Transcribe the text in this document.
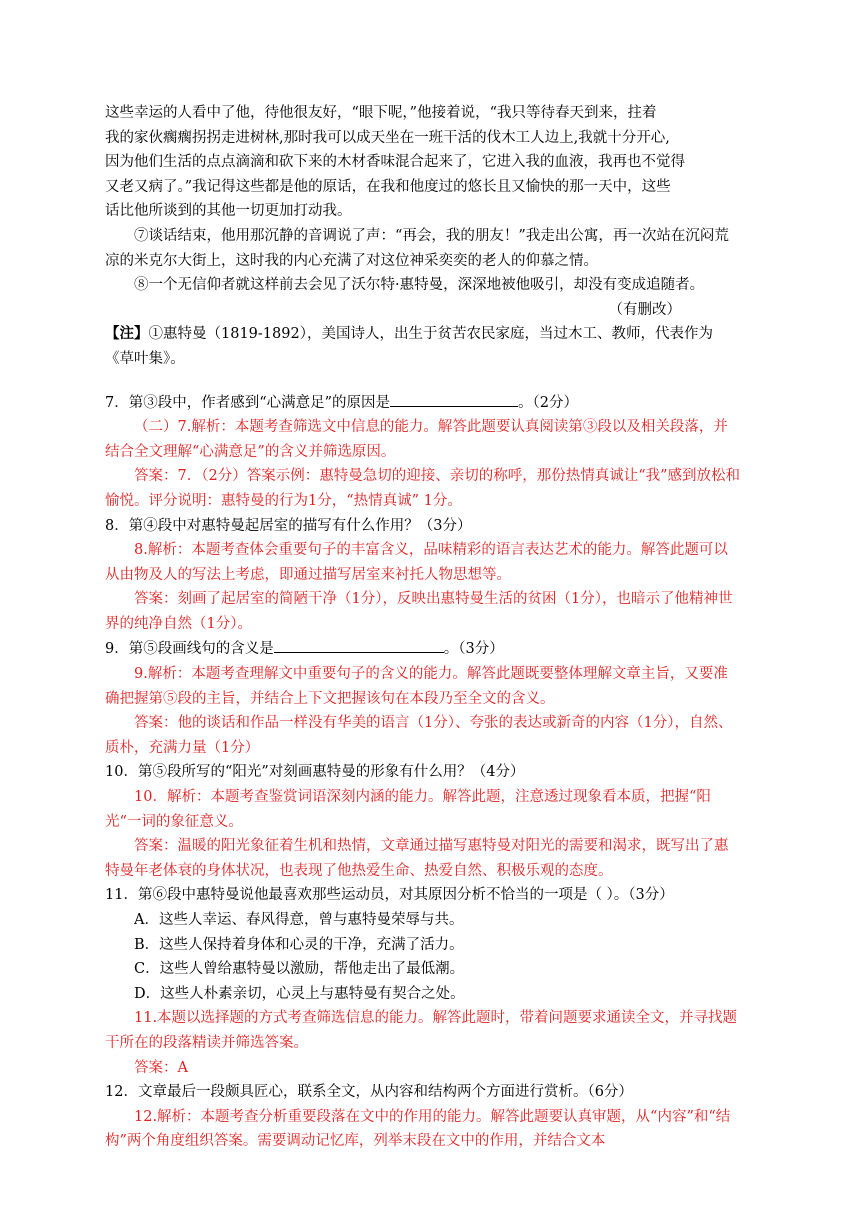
这些幸运的人看中了他，待他很友好，“眼下呢，”他接着说，“我只等待春天到来，拄着
我的家伙瘸瘸拐拐走进树林,那时我可以成天坐在一班干活的伐木工人边上,我就十分开心,
因为他们生活的点点滴滴和砍下来的木材香味混合起来了，它进入我的血液，我再也不觉得
又老又病了。”我记得这些都是他的原话，在我和他度过的悠长且又愉快的那一天中，这些
话比他所谈到的其他一切更加打动我。

⑦谈话结束，他用那沉静的音调说了声：“再会，我的朋友！”我走出公寓，再一次站在沉闷荒凉的米克尔大街上，这时我的内心充满了对这位神采奕奕的老人的仰慕之情。

⑧一个无信仰者就这样前去会见了沃尔特·惠特曼，深深地被他吸引，却没有变成追随者。

（有删改）

【注】①惠特曼（1819-1892），美国诗人，出生于贫苦农民家庭，当过木工、教师，代表作为《草叶集》。

7．第③段中，作者感到“心满意足”的原因是	。（2分）

（二）7.解析：本题考查筛选文中信息的能力。解答此题要认真阅读第③段以及相关段落，并结合全文理解“心满意足”的含义并筛选原因。

答案：7．（2分）答案示例：惠特曼急切的迎接、亲切的称呼，那份热情真诚让“我”感到放松和愉悦。评分说明：惠特曼的行为1分，“热情真诚” 1分。

8．第④段中对惠特曼起居室的描写有什么作用？（3分）

8.解析：本题考查体会重要句子的丰富含义，品味精彩的语言表达艺术的能力。解答此题可以从由物及人的写法上考虑，即通过描写居室来衬托人物思想等。

答案：刻画了起居室的简陋干净（1分），反映出惠特曼生活的贫困（1分），也暗示了他精神世界的纯净自然（1分）。

9．第⑤段画线句的含义是	。（3分）

9.解析：本题考查理解文中重要句子的含义的能力。解答此题既要整体理解文章主旨，又要准确把握第⑤段的主旨，并结合上下文把握该句在本段乃至全文的含义。

答案：他的谈话和作品一样没有华美的语言（1分）、夸张的表达或新奇的内容（1分），自然、质朴，充满力量（1分）

10．第⑤段所写的“阳光”对刻画惠特曼的形象有什么用？（4分）

10．解析：本题考查鉴赏词语深刻内涵的能力。解答此题，注意透过现象看本质，把握“阳光“一词的象征意义。

答案：温暖的阳光象征着生机和热情，文章通过描写惠特曼对阳光的需要和渴求，既写出了惠特曼年老体衰的身体状况，也表现了他热爱生命、热爱自然、积极乐观的态度。

11．第⑥段中惠特曼说他最喜欢那些运动员，对其原因分析不恰当的一项是（ ）。（3分）

A．这些人幸运、春风得意，曾与惠特曼荣辱与共。

B．这些人保持着身体和心灵的干净，充满了活力。

C．这些人曾给惠特曼以激励，帮他走出了最低潮。

D．这些人朴素亲切，心灵上与惠特曼有契合之处。

11.本题以选择题的方式考查筛选信息的能力。解答此题时，带着问题要求通读全文，并寻找题干所在的段落精读并筛选答案。

答案：A

12．文章最后一段颇具匠心，联系全文，从内容和结构两个方面进行赏析。（6分）

12.解析：本题考查分析重要段落在文中的作用的能力。解答此题要认真审题，从“内容”和“结构”两个角度组织答案。需要调动记忆库，列举末段在文中的作用，并结合文本
